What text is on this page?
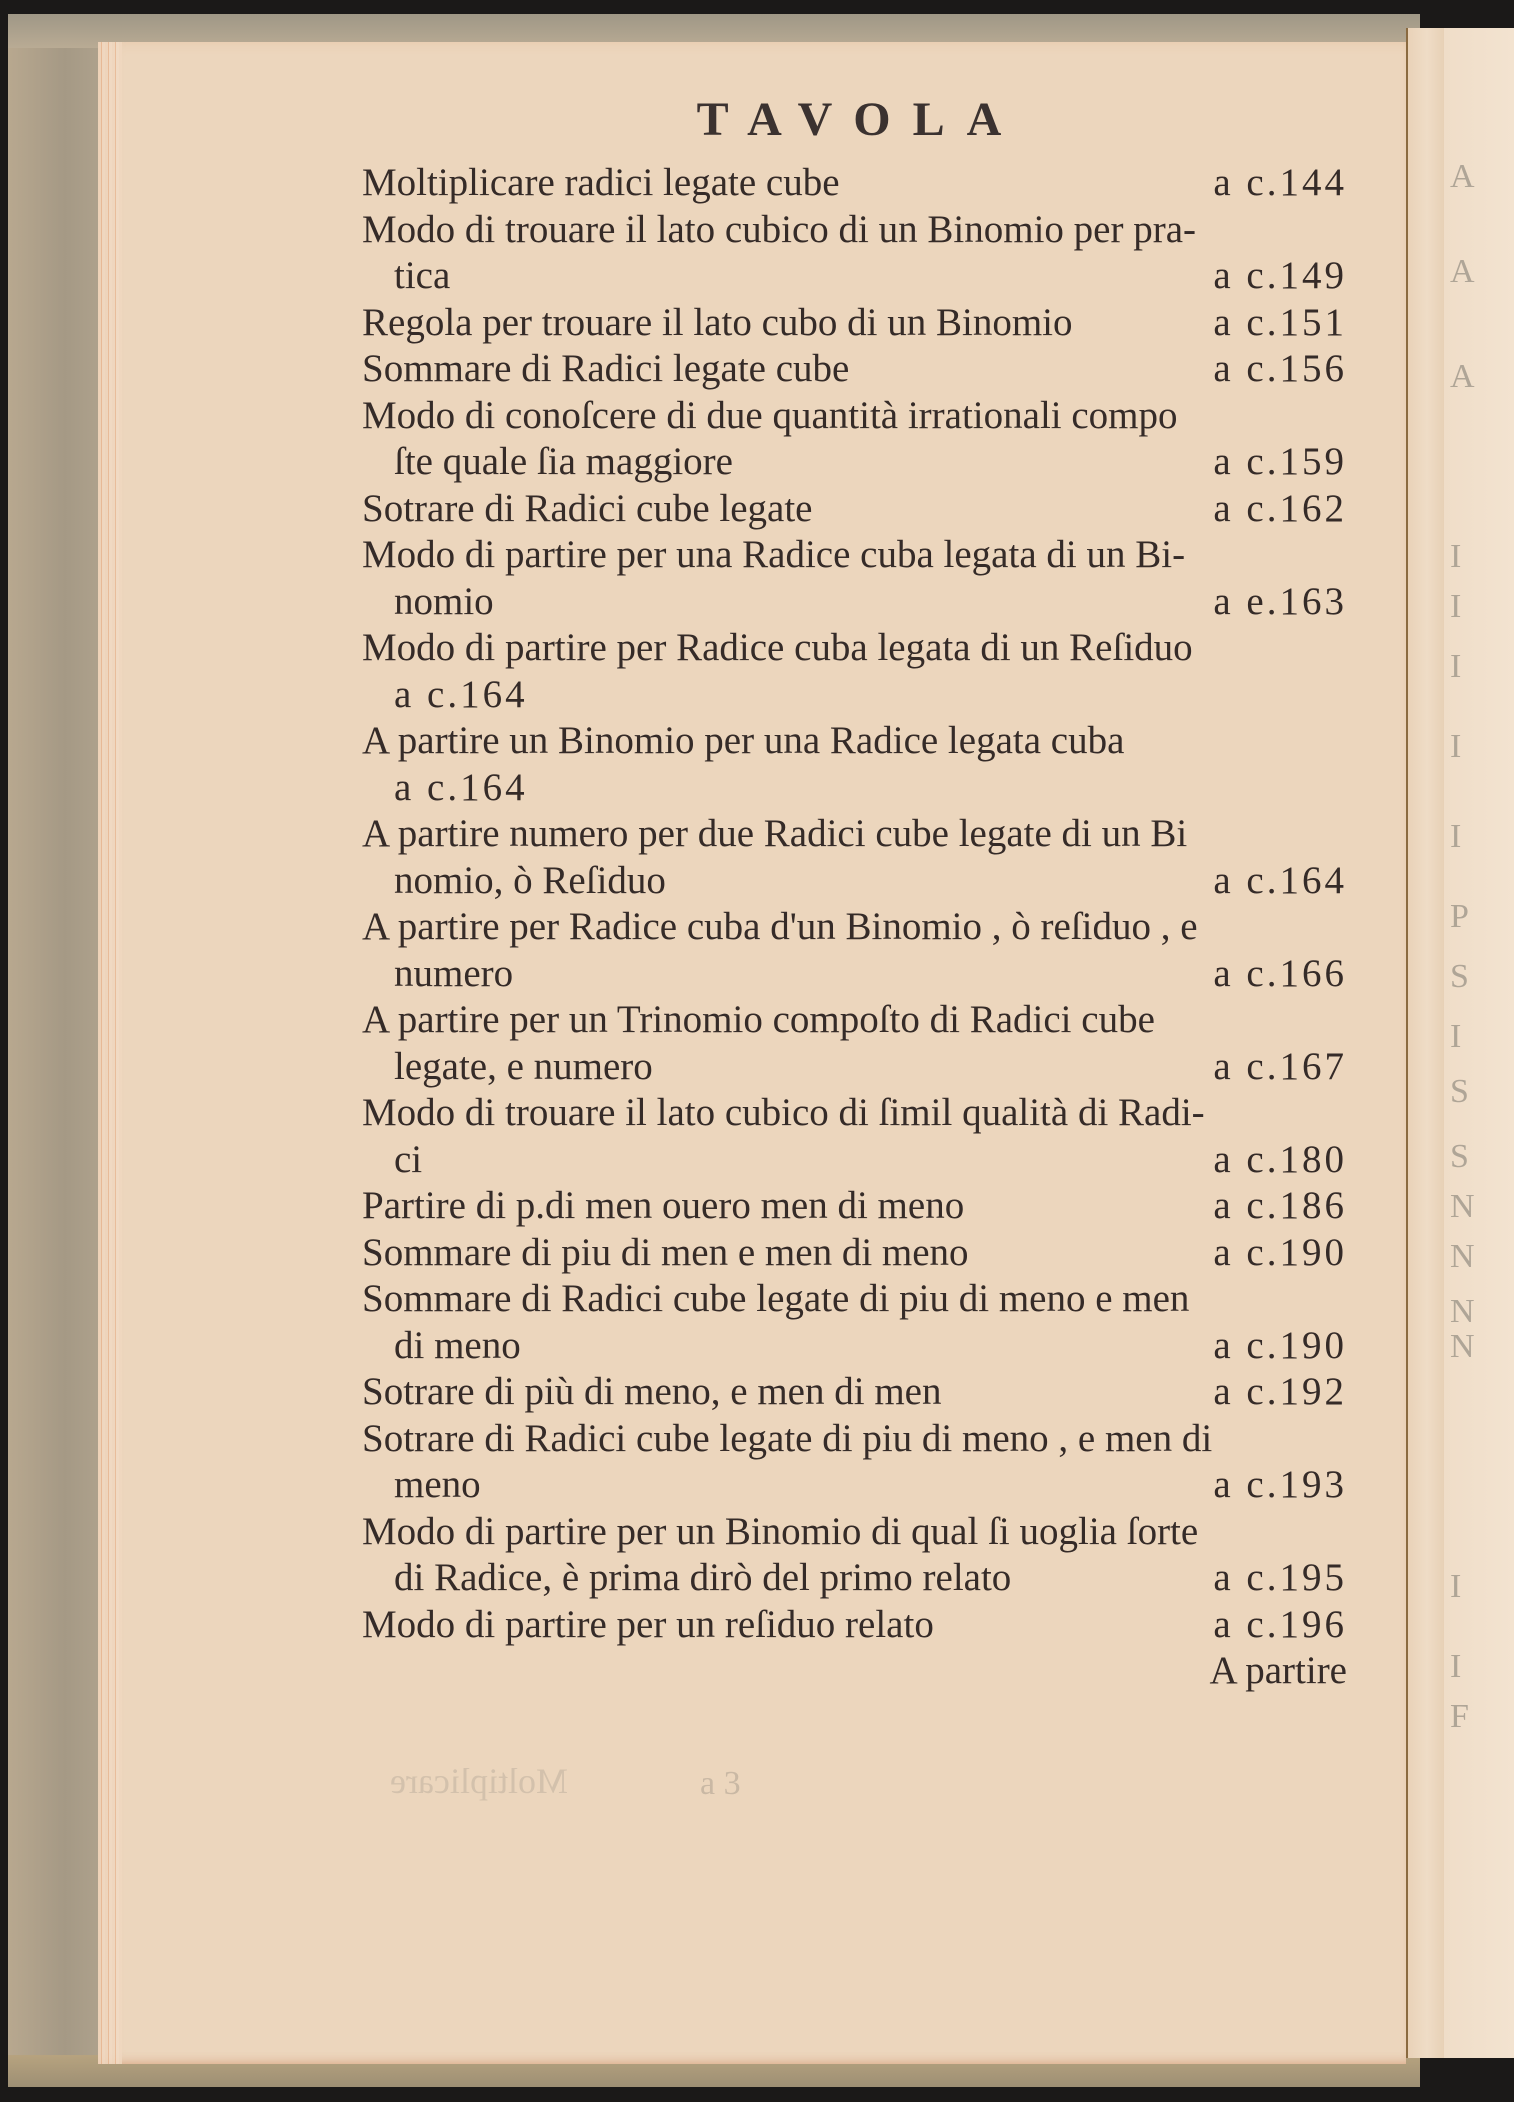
A
A
A
I
I
I
I
I
P
S
I
S
S
N
N
N
N
I
I
F
TAVOLA
Moltiplicare	a 3
Moltiplicare radici legate cube	a c.144
Modo di trouare il lato cubico di un Binomio per pra-
tica	a c.149
Regola per trouare il lato cubo di un Binomio	a c.151
Sommare di Radici legate cube	a c.156
Modo di conoſcere di due quantità irrationali compo
ſte quale ſia maggiore	a c.159
Sotrare di Radici cube legate	a c.162
Modo di partire per una Radice cuba legata di un Bi-
nomio	a e.163
Modo di partire per Radice cuba legata di un Reſiduo
a c.164
A partire un Binomio per una Radice legata cuba
a c.164
A partire numero per due Radici cube legate di un Bi
nomio, ò Reſiduo	a c.164
A partire per Radice cuba d'un Binomio , ò reſiduo , e
numero	a c.166
A partire per un Trinomio compoſto di Radici cube
legate, e numero	a c.167
Modo di trouare il lato cubico di ſimil qualità di Radi-
ci	a c.180
Partire di p.di men ouero men di meno	a c.186
Sommare di piu di men e men di meno	a c.190
Sommare di Radici cube legate di piu di meno e men
di meno	a c.190
Sotrare di più di meno, e men di men	a c.192
Sotrare di Radici cube legate di piu di meno , e men di
meno	a c.193
Modo di partire per un Binomio di qual ſi uoglia ſorte
di Radice, è prima dirò del primo relato	a c.195
Modo di partire per un reſiduo relato	a c.196
A partire
